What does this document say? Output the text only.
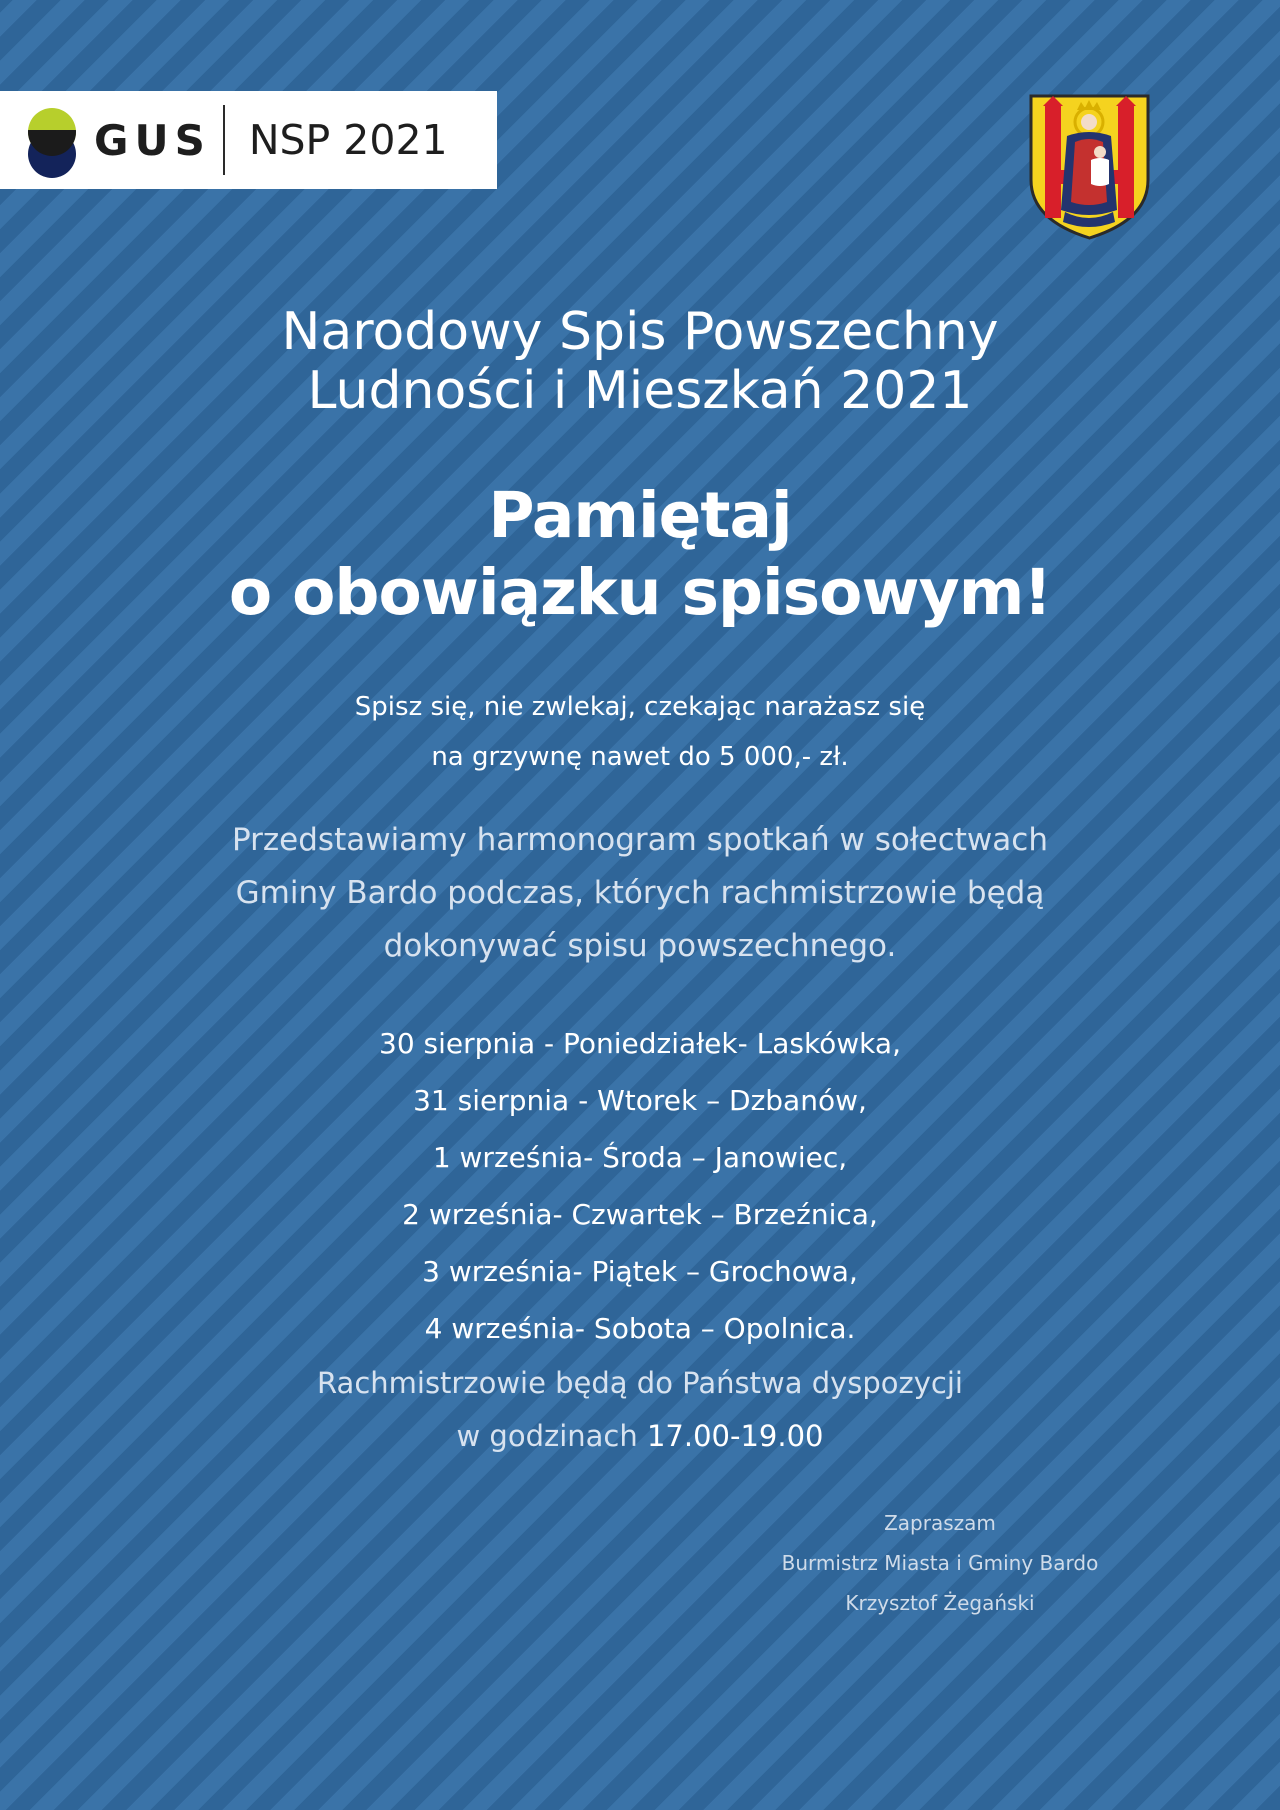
GUS NSP 2021
Narodowy Spis Powszechny
Ludności i Mieszkań 2021
Pamiętaj
o obowiązku spisowym!

Spisz się, nie zwlekaj, czekając narażasz się
na grzywnę nawet do 5 000,- zł.

Przedstawiamy harmonogram spotkań w sołectwach
Gminy Bardo podczas, których rachmistrzowie będą
dokonywać spisu powszechnego.

30 sierpnia - Poniedziałek- Laskówka,
31 sierpnia - Wtorek – Dzbanów,
1 września- Środa – Janowiec,
2 września- Czwartek – Brzeźnica,
3 września- Piątek – Grochowa,
4 września- Sobota – Opolnica.

Rachmistrzowie będą do Państwa dyspozycji
w godzinach 17.00-19.00

Zapraszam
Burmistrz Miasta i Gminy Bardo
Krzysztof Żegański
